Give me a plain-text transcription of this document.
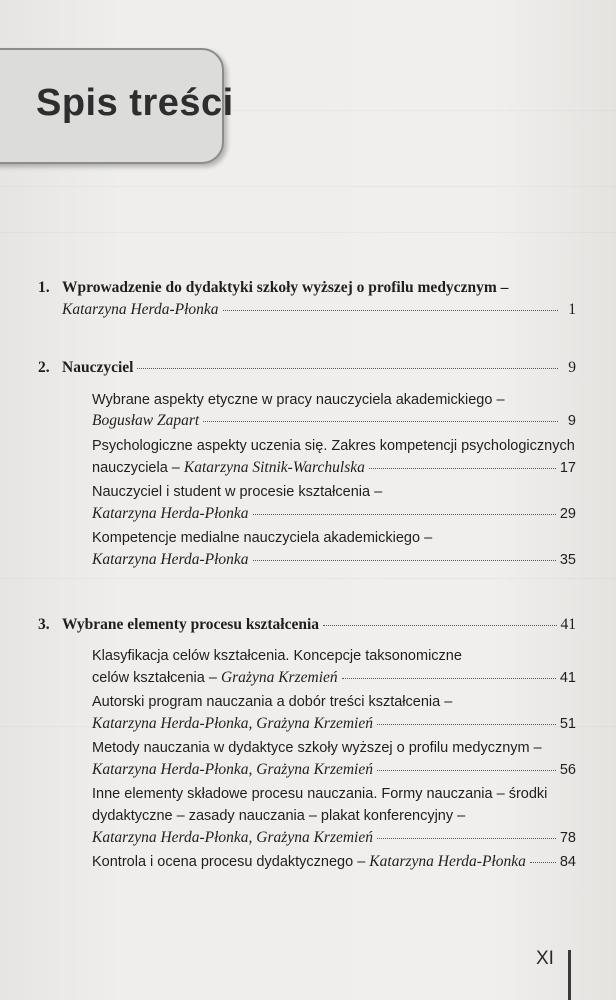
Spis treści
1. Wprowadzenie do dydaktyki szkoły wyższej o profilu medycznym –
Katarzyna Herda-Płonka	1
2. Nauczyciel	9
Wybrane aspekty etyczne w pracy nauczyciela akademickiego –
Bogusław Zapart	9
Psychologiczne aspekty uczenia się. Zakres kompetencji psychologicznych
nauczyciela – Katarzyna Sitnik-Warchulska	17
Nauczyciel i student w procesie kształcenia –
Katarzyna Herda-Płonka	29
Kompetencje medialne nauczyciela akademickiego –
Katarzyna Herda-Płonka	35
3. Wybrane elementy procesu kształcenia	41
Klasyfikacja celów kształcenia. Koncepcje taksonomiczne
celów kształcenia – Grażyna Krzemień	41
Autorski program nauczania a dobór treści kształcenia –
Katarzyna Herda-Płonka, Grażyna Krzemień	51
Metody nauczania w dydaktyce szkoły wyższej o profilu medycznym –
Katarzyna Herda-Płonka, Grażyna Krzemień	56
Inne elementy składowe procesu nauczania. Formy nauczania – środki
dydaktyczne – zasady nauczania – plakat konferencyjny –
Katarzyna Herda-Płonka, Grażyna Krzemień	78
Kontrola i ocena procesu dydaktycznego – Katarzyna Herda-Płonka 84
XI
